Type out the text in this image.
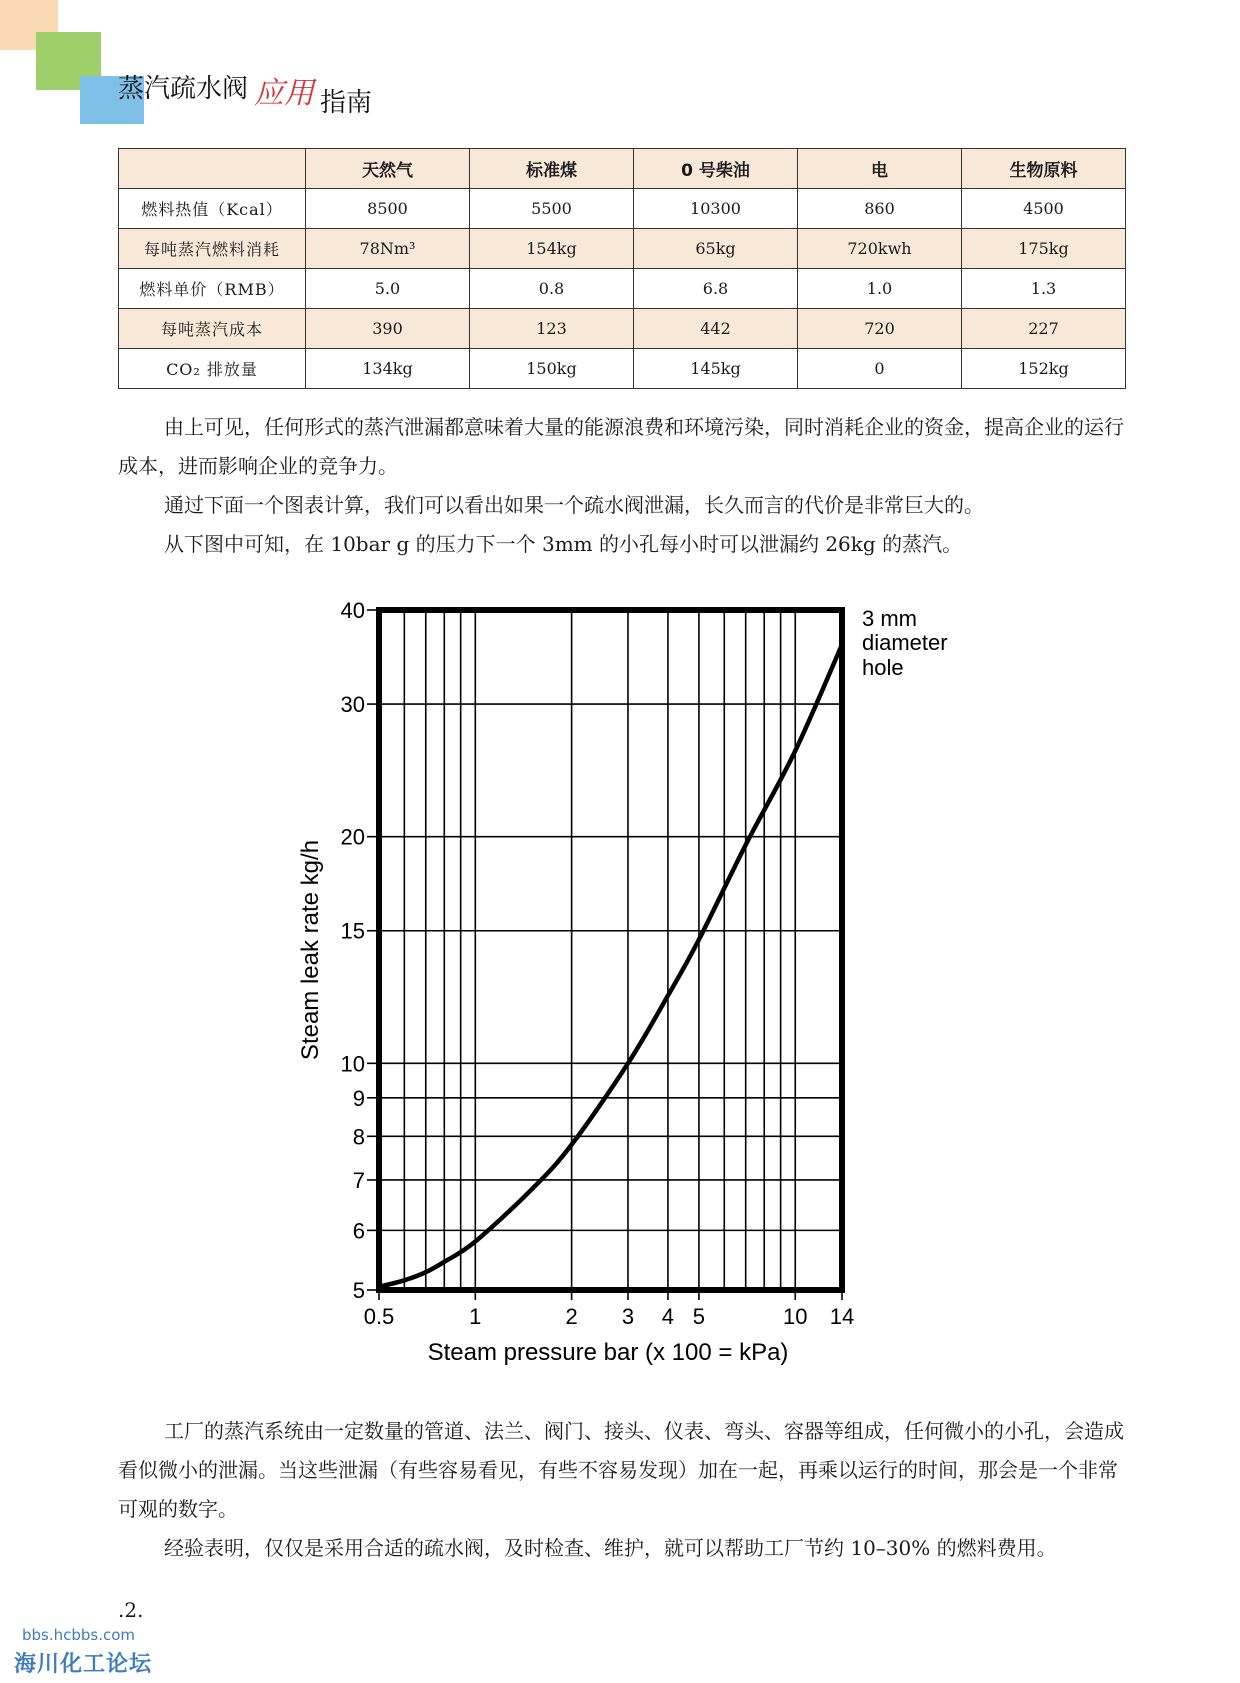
蒸汽疏水阀 应用 指南
	天然气	标准煤	0 号柴油	电	生物原料
燃料热值（Kcal）	8500	5500	10300	860	4500
每吨蒸汽燃料消耗	78Nm³	154kg	65kg	720kwh	175kg
燃料单价（RMB）	5.0	0.8	6.8	1.0	1.3
每吨蒸汽成本	390	123	442	720	227
CO₂ 排放量	134kg	150kg	145kg	0	152kg

由上可见，任何形式的蒸汽泄漏都意味着大量的能源浪费和环境污染，同时消耗企业的资金，提高企业的运行成本，进而影响企业的竞争力。

通过下面一个图表计算，我们可以看出如果一个疏水阀泄漏，长久而言的代价是非常巨大的。

从下图中可知，在 10bar g 的压力下一个 3mm 的小孔每小时可以泄漏约 26kg 的蒸汽。

0.5	1	2 3 4 5	10 14
5
6
7
8
9
10
15
20
30
40
Steam leak rate kg/h
Steam pressure bar (x 100 = kPa)
3 mm
diameter
hole

工厂的蒸汽系统由一定数量的管道、法兰、阀门、接头、仪表、弯头、容器等组成，任何微小的小孔，会造成看似微小的泄漏。当这些泄漏（有些容易看见，有些不容易发现）加在一起，再乘以运行的时间，那会是一个非常可观的数字。

经验表明，仅仅是采用合适的疏水阀，及时检查、维护，就可以帮助工厂节约 10–30% 的燃料费用。

.2.
bbs.hcbbs.com
海川化工论坛
